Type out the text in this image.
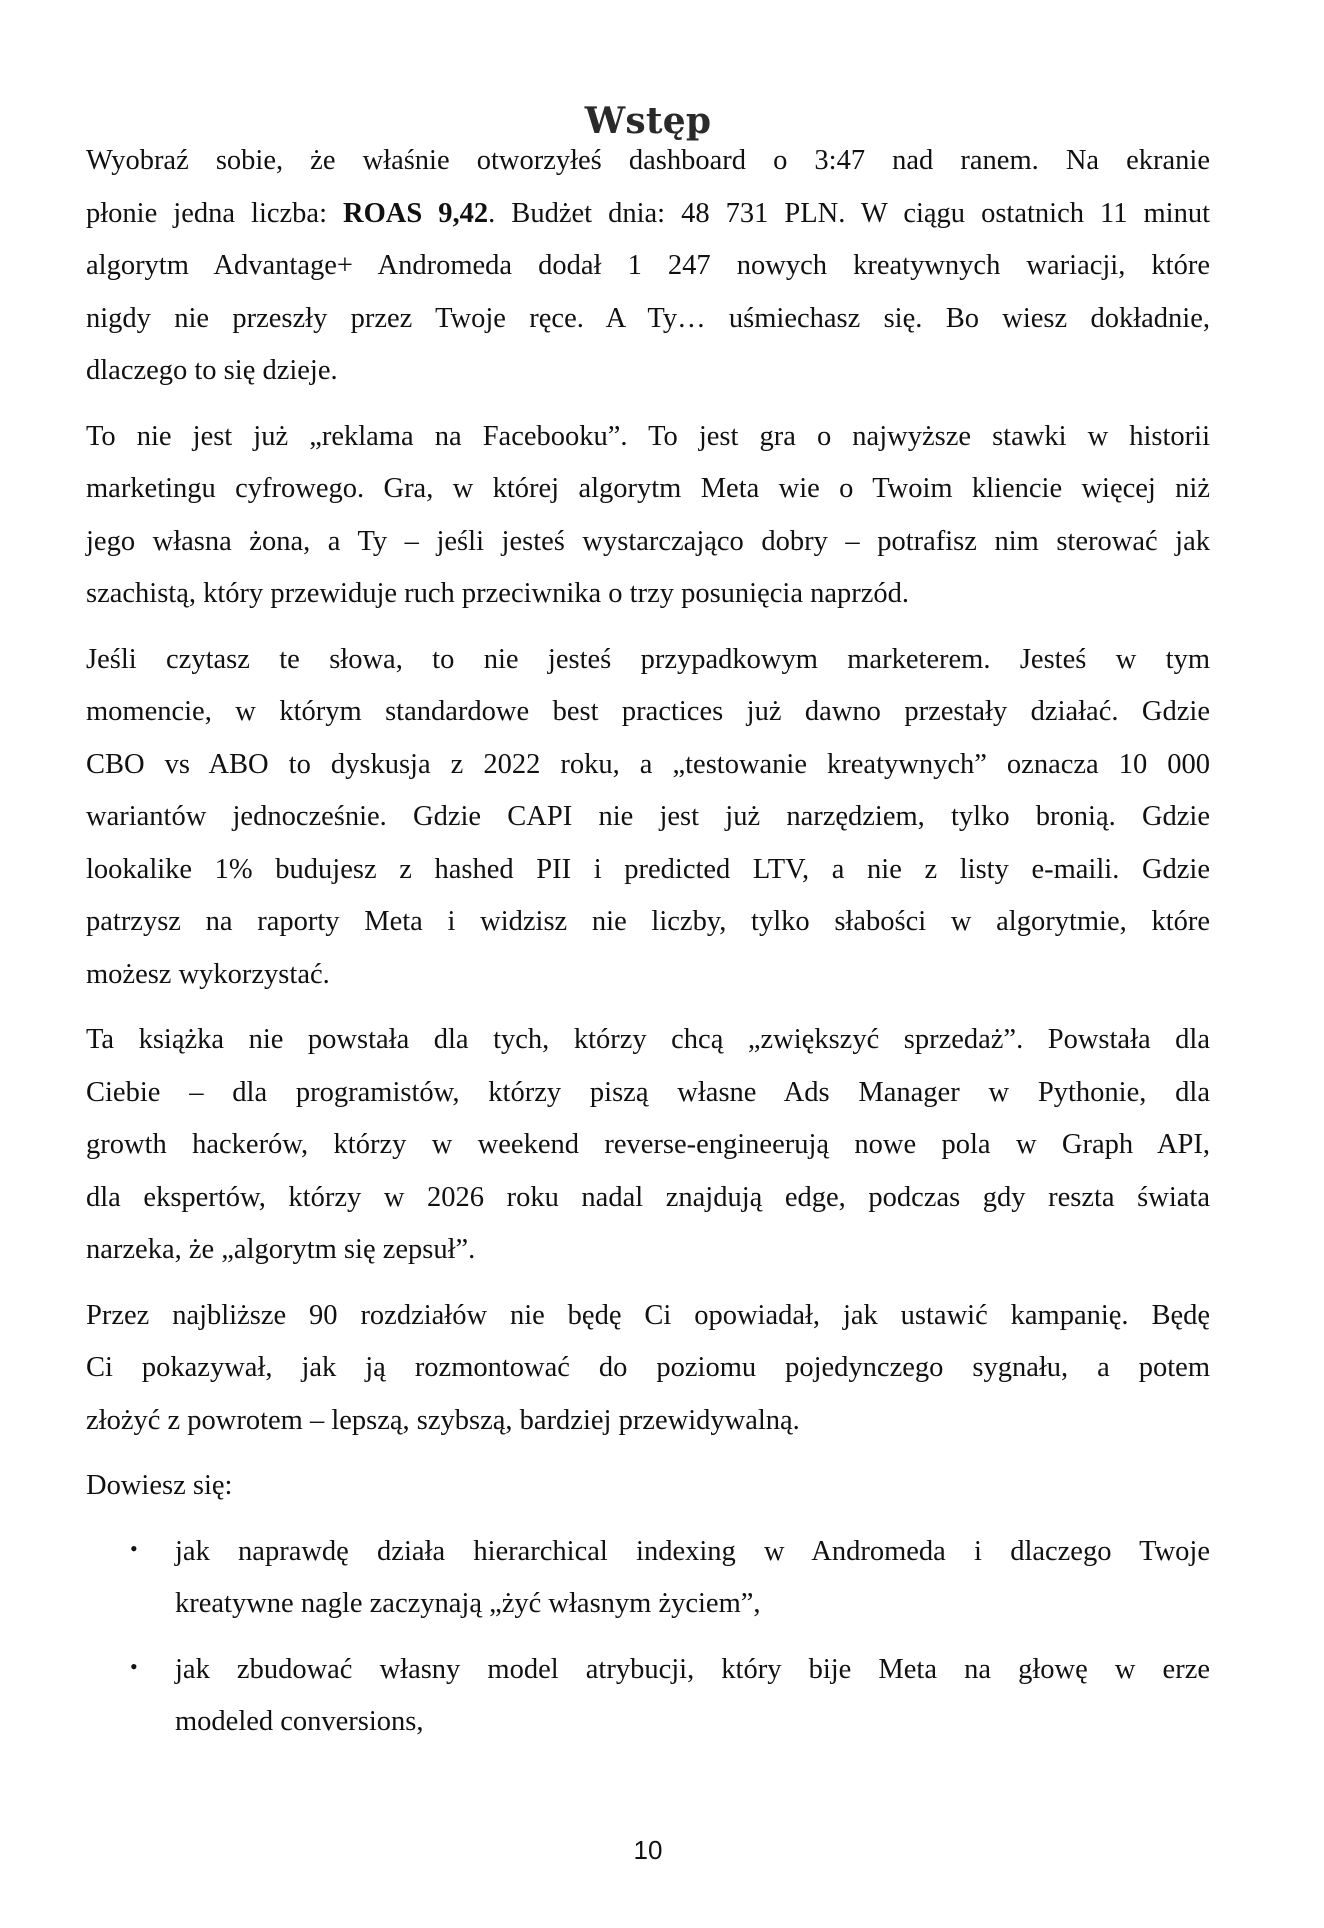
Wstęp
Wyobraź sobie, że właśnie otworzyłeś dashboard o 3:47 nad ranem. Na ekranie
płonie jedna liczba: ROAS 9,42. Budżet dnia: 48 731 PLN. W ciągu ostatnich 11 minut
algorytm Advantage+ Andromeda dodał 1 247 nowych kreatywnych wariacji, które
nigdy nie przeszły przez Twoje ręce. A Ty… uśmiechasz się. Bo wiesz dokładnie,
dlaczego to się dzieje.
To nie jest już „reklama na Facebooku”. To jest gra o najwyższe stawki w historii
marketingu cyfrowego. Gra, w której algorytm Meta wie o Twoim kliencie więcej niż
jego własna żona, a Ty – jeśli jesteś wystarczająco dobry – potrafisz nim sterować jak
szachistą, który przewiduje ruch przeciwnika o trzy posunięcia naprzód.
Jeśli czytasz te słowa, to nie jesteś przypadkowym marketerem. Jesteś w tym
momencie, w którym standardowe best practices już dawno przestały działać. Gdzie
CBO vs ABO to dyskusja z 2022 roku, a „testowanie kreatywnych” oznacza 10 000
wariantów jednocześnie. Gdzie CAPI nie jest już narzędziem, tylko bronią. Gdzie
lookalike 1% budujesz z hashed PII i predicted LTV, a nie z listy e-maili. Gdzie
patrzysz na raporty Meta i widzisz nie liczby, tylko słabości w algorytmie, które
możesz wykorzystać.
Ta książka nie powstała dla tych, którzy chcą „zwiększyć sprzedaż”. Powstała dla
Ciebie – dla programistów, którzy piszą własne Ads Manager w Pythonie, dla
growth hackerów, którzy w weekend reverse-engineerują nowe pola w Graph API,
dla ekspertów, którzy w 2026 roku nadal znajdują edge, podczas gdy reszta świata
narzeka, że „algorytm się zepsuł”.
Przez najbliższe 90 rozdziałów nie będę Ci opowiadał, jak ustawić kampanię. Będę
Ci pokazywał, jak ją rozmontować do poziomu pojedynczego sygnału, a potem
złożyć z powrotem – lepszą, szybszą, bardziej przewidywalną.
Dowiesz się:
• jak naprawdę działa hierarchical indexing w Andromeda i dlaczego Twoje
kreatywne nagle zaczynają „żyć własnym życiem”,
• jak zbudować własny model atrybucji, który bije Meta na głowę w erze
modeled conversions,
10
